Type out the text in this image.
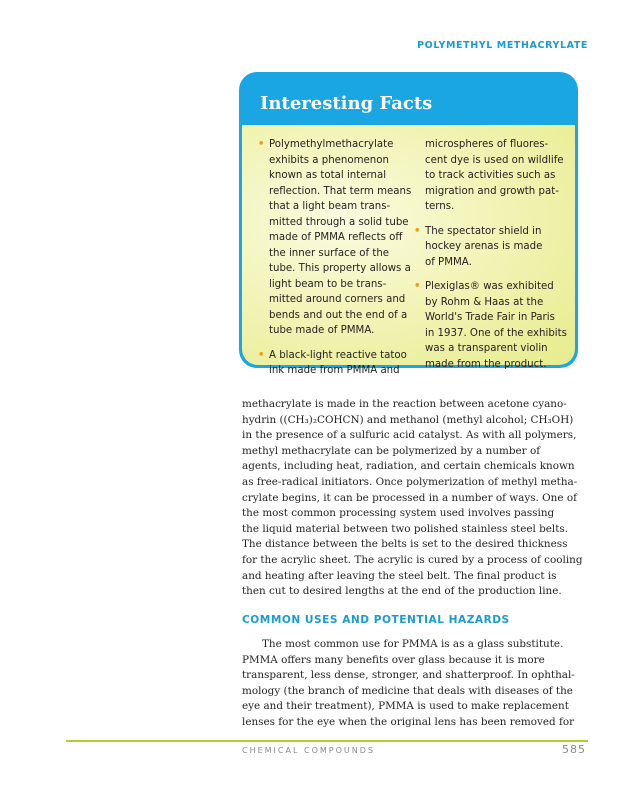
POLYMETHYL METHACRYLATE
Interesting Facts
• Polymethylmethacrylate
exhibits a phenomenon
known as total internal
reflection. That term means
that a light beam trans-
mitted through a solid tube
made of PMMA reflects off
the inner surface of the
tube. This property allows a
light beam to be trans-
mitted around corners and
bends and out the end of a
tube made of PMMA.
• A black-light reactive tatoo
ink made from PMMA and
microspheres of fluores-
cent dye is used on wildlife
to track activities such as
migration and growth pat-
terns.
• The spectator shield in
hockey arenas is made
of PMMA.
• Plexiglas® was exhibited
by Rohm & Haas at the
World's Trade Fair in Paris
in 1937. One of the exhibits
was a transparent violin
made from the product.
methacrylate is made in the reaction between acetone cyano-
hydrin ((CH₃)₂COHCN) and methanol (methyl alcohol; CH₃OH)
in the presence of a sulfuric acid catalyst. As with all polymers,
methyl methacrylate can be polymerized by a number of
agents, including heat, radiation, and certain chemicals known
as free-radical initiators. Once polymerization of methyl metha-
crylate begins, it can be processed in a number of ways. One of
the most common processing system used involves passing
the liquid material between two polished stainless steel belts.
The distance between the belts is set to the desired thickness
for the acrylic sheet. The acrylic is cured by a process of cooling
and heating after leaving the steel belt. The final product is
then cut to desired lengths at the end of the production line.
COMMON USES AND POTENTIAL HAZARDS
The most common use for PMMA is as a glass substitute.
PMMA offers many benefits over glass because it is more
transparent, less dense, stronger, and shatterproof. In ophthal-
mology (the branch of medicine that deals with diseases of the
eye and their treatment), PMMA is used to make replacement
lenses for the eye when the original lens has been removed for
CHEMICAL COMPOUNDS	585
